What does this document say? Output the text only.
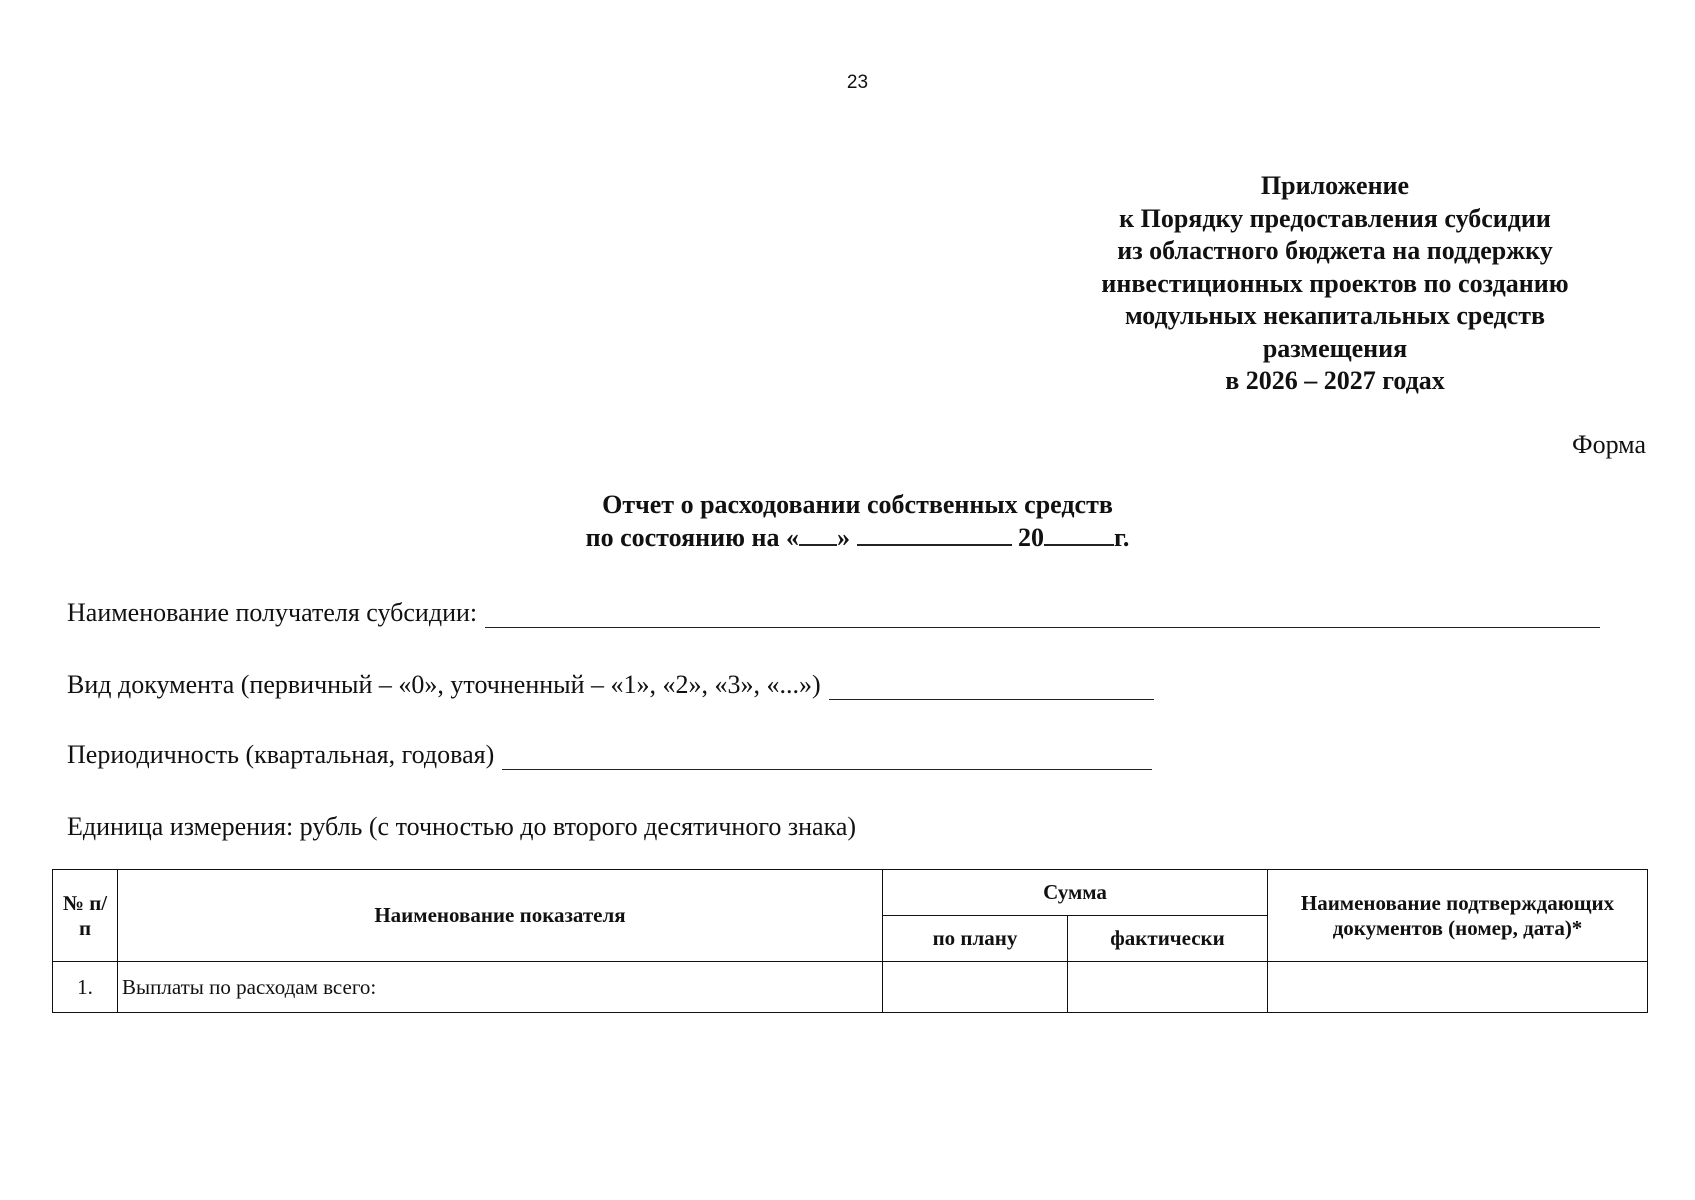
23
Приложение
к Порядку предоставления субсидии
из областного бюджета на поддержку
инвестиционных проектов по созданию
модульных некапитальных средств
размещения
в 2026 – 2027 годах
Форма
Отчет о расходовании собственных средств
по состоянию на « »	20	г.
Наименование получателя субсидии:
Вид документа (первичный – «0», уточненный – «1», «2», «3», «...»)
Периодичность (квартальная, годовая)
Единица измерения: рубль (с точностью до второго десятичного знака)
№ п/п	Наименование показателя	Сумма		Наименование подтверждающих документов (номер, дата)*
		по плану	фактически	
1.	Выплаты по расходам всего:			
